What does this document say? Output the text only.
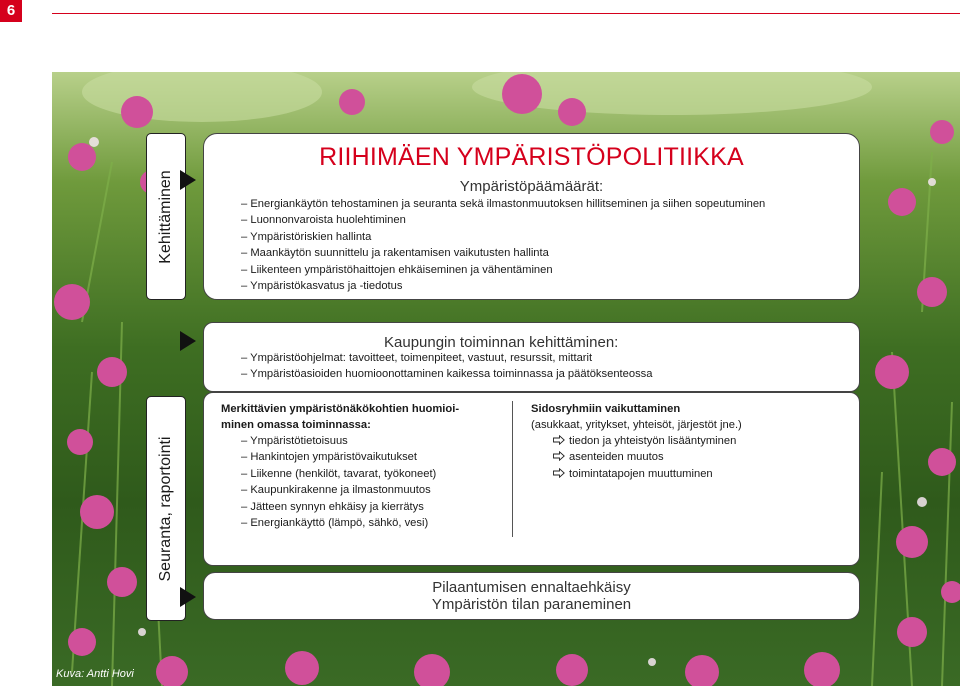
6
Kehittäminen
Seuranta, raportointi
RIIHIMÄEN YMPÄRISTÖPOLITIIKKA
Ympäristöpäämäärät:
– Energiankäytön tehostaminen ja seuranta sekä ilmastonmuutoksen hillitseminen ja siihen sopeutuminen
– Luonnonvaroista huolehtiminen
– Ympäristöriskien hallinta
– Maankäytön suunnittelu ja rakentamisen vaikutusten hallinta
– Liikenteen ympäristöhaittojen ehkäiseminen ja vähentäminen
– Ympäristökasvatus ja -tiedotus
Kaupungin toiminnan kehittäminen:
– Ympäristöohjelmat: tavoitteet, toimenpiteet, vastuut, resurssit, mittarit
– Ympäristöasioiden huomioonottaminen kaikessa toiminnassa ja päätöksenteossa
Merkittävien ympäristönäkökohtien huomioi-
minen omassa toiminnassa:
– Ympäristötietoisuus
– Hankintojen ympäristövaikutukset
– Liikenne (henkilöt, tavarat, työkoneet)
– Kaupunkirakenne ja ilmastonmuutos
– Jätteen synnyn ehkäisy ja kierrätys
– Energiankäyttö (lämpö, sähkö, vesi)
Sidosryhmiin vaikuttaminen
(asukkaat, yritykset, yhteisöt, järjestöt jne.)
tiedon ja yhteistyön lisääntyminen
asenteiden muutos
toimintatapojen muuttuminen
Pilaantumisen ennaltaehkäisy
Ympäristön tilan paraneminen
Kuva: Antti Hovi
